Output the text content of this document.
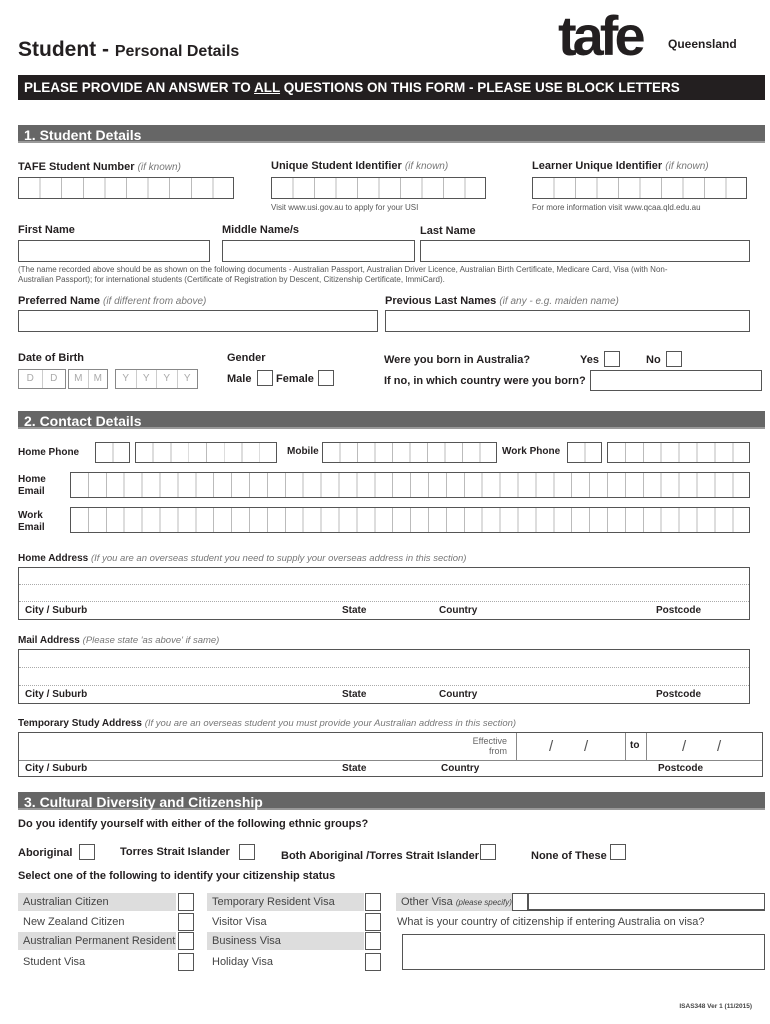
Student - Personal Details	tafe Queensland
PLEASE PROVIDE AN ANSWER TO ALL QUESTIONS ON THIS FORM - PLEASE USE BLOCK LETTERS
1. Student Details
TAFE Student Number (if known)	Unique Student Identifier (if known)	Learner Unique Identifier (if known)
Visit www.usi.gov.au to apply for your USI	For more information visit www.qcaa.qld.edu.au
First Name	Middle Name/s	Last Name
(The name recorded above should be as shown on the following documents - Australian Passport, Australian Driver Licence, Australian Birth Certificate, Medicare Card, Visa (with Non-
Australian Passport); for international students (Certificate of Registration by Descent, Citizenship Certificate, ImmiCard).
Preferred Name (if different from above)	Previous Last Names (if any - e.g. maiden name)
Date of Birth
D	D	M	M	Y	Y	Y	Y
Gender
Male Female
Were you born in Australia?	Yes	No
If no, in which country were you born?
2. Contact Details
Home Phone	Mobile	Work Phone
Home
Email
Work
Email
Home Address (If you are an overseas student you need to supply your overseas address in this section)
City / Suburb	State	Country	Postcode
Mail Address (Please state 'as above' if same)
City / Suburb	State	Country	Postcode
Temporary Study Address (If you are an overseas student you must provide your Australian address in this section)
Effective
from	/ /	to	/ /
City / Suburb	State	Country	Postcode
3. Cultural Diversity and Citizenship
Do you identify yourself with either of the following ethnic groups?
Aboriginal	Torres Strait Islander	Both Aboriginal /Torres Strait Islander	None of These
Select one of the following to identify your citizenship status
Australian Citizen
New Zealand Citizen
Australian Permanent Resident
Student Visa
Temporary Resident Visa
Visitor Visa
Business Visa
Holiday Visa
Other Visa (please specify)
What is your country of citizenship if entering Australia on visa?
ISAS348 Ver 1 (11/2015)
